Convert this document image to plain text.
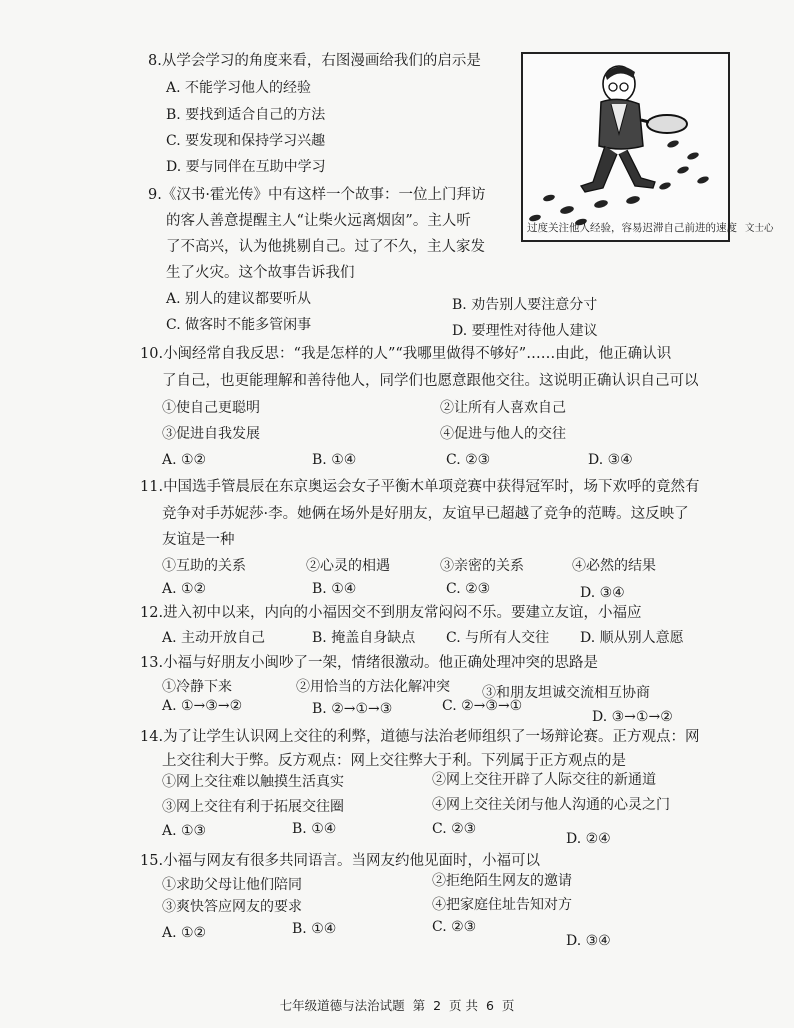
8.从学会学习的角度来看，右图漫画给我们的启示是
A. 不能学习他人的经验
B. 要找到适合自己的方法
C. 要发现和保持学习兴趣
D. 要与同伴在互助中学习
过度关注他人经验，容易迟滞自己前进的速度 文士心
9.《汉书·霍光传》中有这样一个故事：一位上门拜访
的客人善意提醒主人“让柴火远离烟囱”。主人听
了不高兴，认为他挑剔自己。过了不久，主人家发
生了火灾。这个故事告诉我们
A. 别人的建议都要听从	B. 劝告别人要注意分寸
C. 做客时不能多管闲事	D. 要理性对待他人建议
10.小闽经常自我反思：“我是怎样的人”“我哪里做得不够好”……由此，他正确认识
了自己，也更能理解和善待他人，同学们也愿意跟他交往。这说明正确认识自己可以
①使自己更聪明	②让所有人喜欢自己
③促进自我发展	④促进与他人的交往
A. ①②	B. ①④	C. ②③	D. ③④
11.中国选手管晨辰在东京奥运会女子平衡木单项竞赛中获得冠军时，场下欢呼的竟然有
竞争对手苏妮莎·李。她俩在场外是好朋友，友谊早已超越了竞争的范畴。这反映了
友谊是一种
①互助的关系	②心灵的相遇	③亲密的关系	④必然的结果
A. ①②	B. ①④	C. ②③	D. ③④
12.进入初中以来，内向的小福因交不到朋友常闷闷不乐。要建立友谊，小福应
A. 主动开放自己	B. 掩盖自身缺点 C. 与所有人交往 D. 顺从别人意愿
13.小福与好朋友小闽吵了一架，情绪很激动。他正确处理冲突的思路是
①冷静下来	②用恰当的方法化解冲突 ③和朋友坦诚交流相互协商
A. ①→③→②	B. ②→①→③	C. ②→③→①
D. ③→①→②
14.为了让学生认识网上交往的利弊，道德与法治老师组织了一场辩论赛。正方观点：网
上交往利大于弊。反方观点：网上交往弊大于利。下列属于正方观点的是
①网上交往难以触摸生活真实	②网上交往开辟了人际交往的新通道
③网上交往有利于拓展交往圈	④网上交往关闭与他人沟通的心灵之门
A. ①③	B. ①④	C. ②③
D. ②④
15.小福与网友有很多共同语言。当网友约他见面时，小福可以
①求助父母让他们陪同	②拒绝陌生网友的邀请
③爽快答应网友的要求	④把家庭住址告知对方
A. ①②	B. ①④	C. ②③
D. ③④
七年级道德与法治试题 第 2 页 共 6 页
